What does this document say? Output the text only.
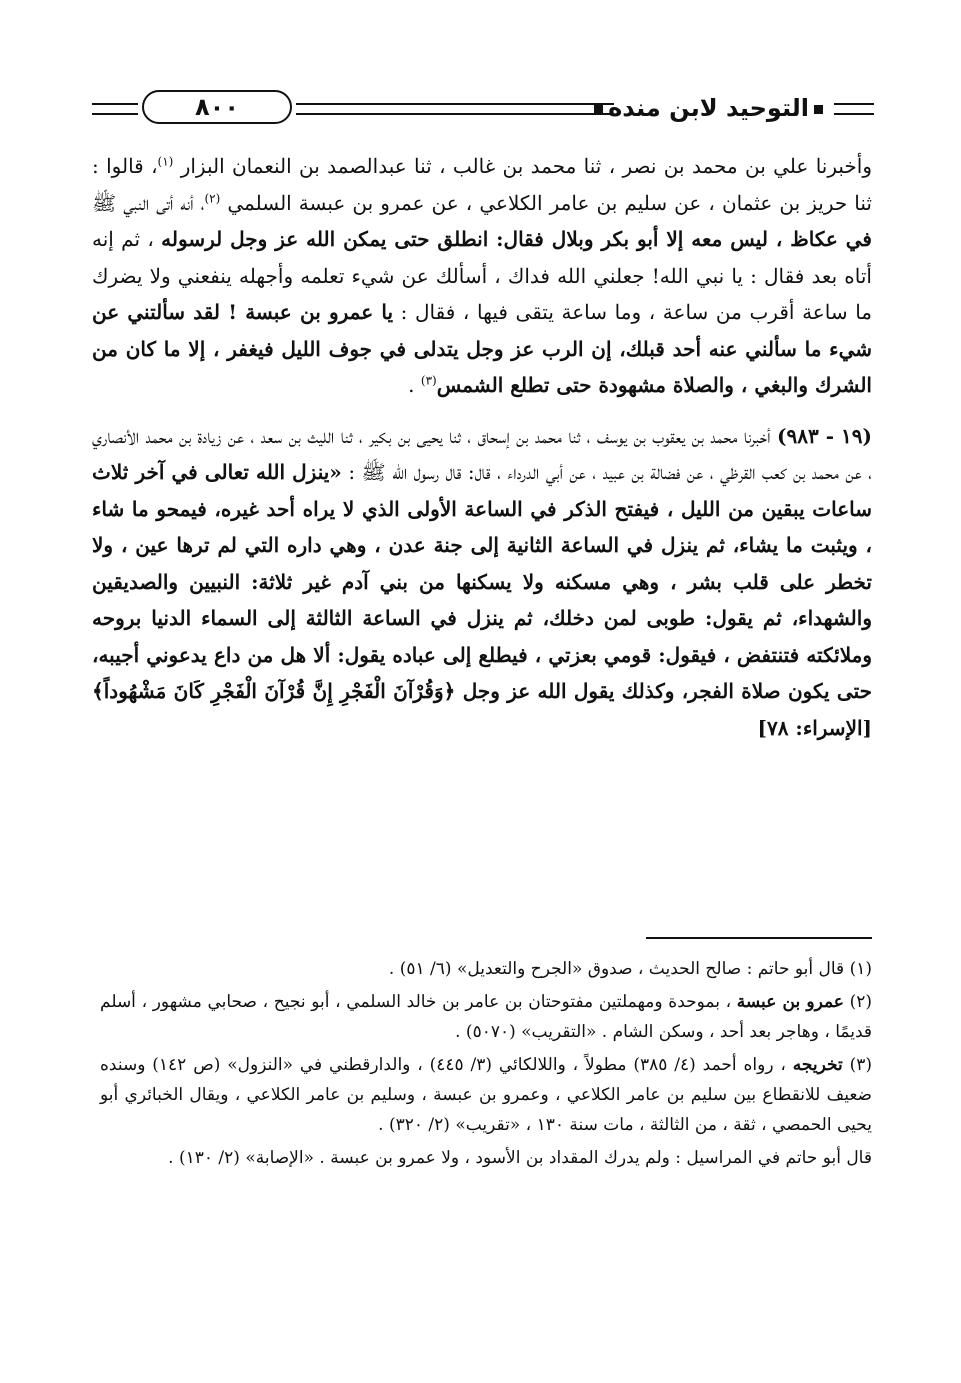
٨٠٠	التوحيد لابن منده

وأخبرنا علي بن محمد بن نصر ، ثنا محمد بن غالب ، ثنا عبدالصمد بن النعمان البزار $^{(١)}$، قالوا : ثنا حريز بن عثمان ، عن سليم بن عامر الكلاعي ، عن عمرو بن عبسة السلمي $^{(٢)}$، أنه أتى النبي ﷺ في عكاظ ، ليس معه إلا أبو بكر وبلال فقال: انطلق حتى يمكن الله عز وجل لرسوله ، ثم إنه أتاه بعد فقال : يا نبي الله! جعلني الله فداك ، أسألك عن شيء تعلمه وأجهله ينفعني ولا يضرك ما ساعة أقرب من ساعة ، وما ساعة يتقى فيها ، فقال : يا عمرو بن عبسة ! لقد سألتني عن شيء ما سألني عنه أحد قبلك، إن الرب عز وجل يتدلى في جوف الليل فيغفر ، إلا ما كان من الشرك والبغي ، والصلاة مشهودة حتى تطلع الشمس$^{(٣)}$ .

(١٩ - ٩٨٣) أخبرنا محمد بن يعقوب بن يوسف ، ثنا محمد بن إسحاق ، ثنا يحيى بن بكير ، ثنا الليث بن سعد ، عن زيادة بن محمد الأنصاري ، عن محمد بن كعب القرظي ، عن فضالة بن عبيد ، عن أبي الدرداء ، قال: قال رسول الله ﷺ : «ينزل الله تعالى في آخر ثلاث ساعات يبقين من الليل ، فيفتح الذكر في الساعة الأولى الذي لا يراه أحد غيره، فيمحو ما شاء ، ويثبت ما يشاء، ثم ينزل في الساعة الثانية إلى جنة عدن ، وهي داره التي لم ترها عين ، ولا تخطر على قلب بشر ، وهي مسكنه ولا يسكنها من بني آدم غير ثلاثة: النبيين والصديقين والشهداء، ثم يقول: طوبى لمن دخلك، ثم ينزل في الساعة الثالثة إلى السماء الدنيا بروحه وملائكته فتنتفض ، فيقول: قومي بعزتي ، فيطلع إلى عباده يقول: ألا هل من داع يدعوني أجيبه، حتى يكون صلاة الفجر، وكذلك يقول الله عز وجل ﴿وَقُرْآنَ الْفَجْرِ إِنَّ قُرْآنَ الْفَجْرِ كَانَ مَشْهُوداً﴾ [الإسراء: ٧٨]

(١) قال أبو حاتم : صالح الحديث ، صدوق «الجرح والتعديل» (٦/ ٥١) .

(٢) عمرو بن عبسة ، بموحدة ومهملتين مفتوحتان بن عامر بن خالد السلمي ، أبو نجيح ، صحابي مشهور ، أسلم قديمًا ، وهاجر بعد أحد ، وسكن الشام . «التقريب» (٥٠٧٠) .

(٣) تخريجه ، رواه أحمد (٤/ ٣٨٥) مطولاً ، واللالكائي (٣/ ٤٤٥) ، والدارقطني في «النزول» (ص ١٤٢) وسنده ضعيف للانقطاع بين سليم بن عامر الكلاعي ، وعمرو بن عبسة ، وسليم بن عامر الكلاعي ، ويقال الخبائري أبو يحيى الحمصي ، ثقة ، من الثالثة ، مات سنة ١٣٠ ، «تقريب» (٢/ ٣٢٠) .

قال أبو حاتم في المراسيل : ولم يدرك المقداد بن الأسود ، ولا عمرو بن عبسة . «الإصابة» (٢/ ١٣٠) .
